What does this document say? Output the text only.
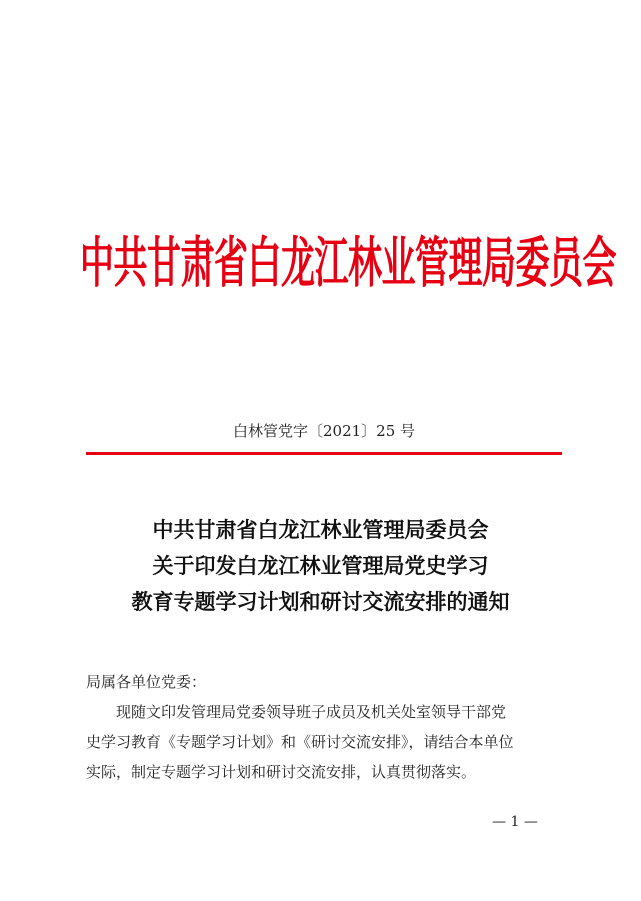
中共甘肃省白龙江林业管理局委员会
白林管党字〔2021〕25 号
中共甘肃省白龙江林业管理局委员会
关于印发白龙江林业管理局党史学习
教育专题学习计划和研讨交流安排的通知
局属各单位党委：
现随文印发管理局党委领导班子成员及机关处室领导干部党
史学习教育《专题学习计划》和《研讨交流安排》，请结合本单位
实际，制定专题学习计划和研讨交流安排，认真贯彻落实。
— 1 —
